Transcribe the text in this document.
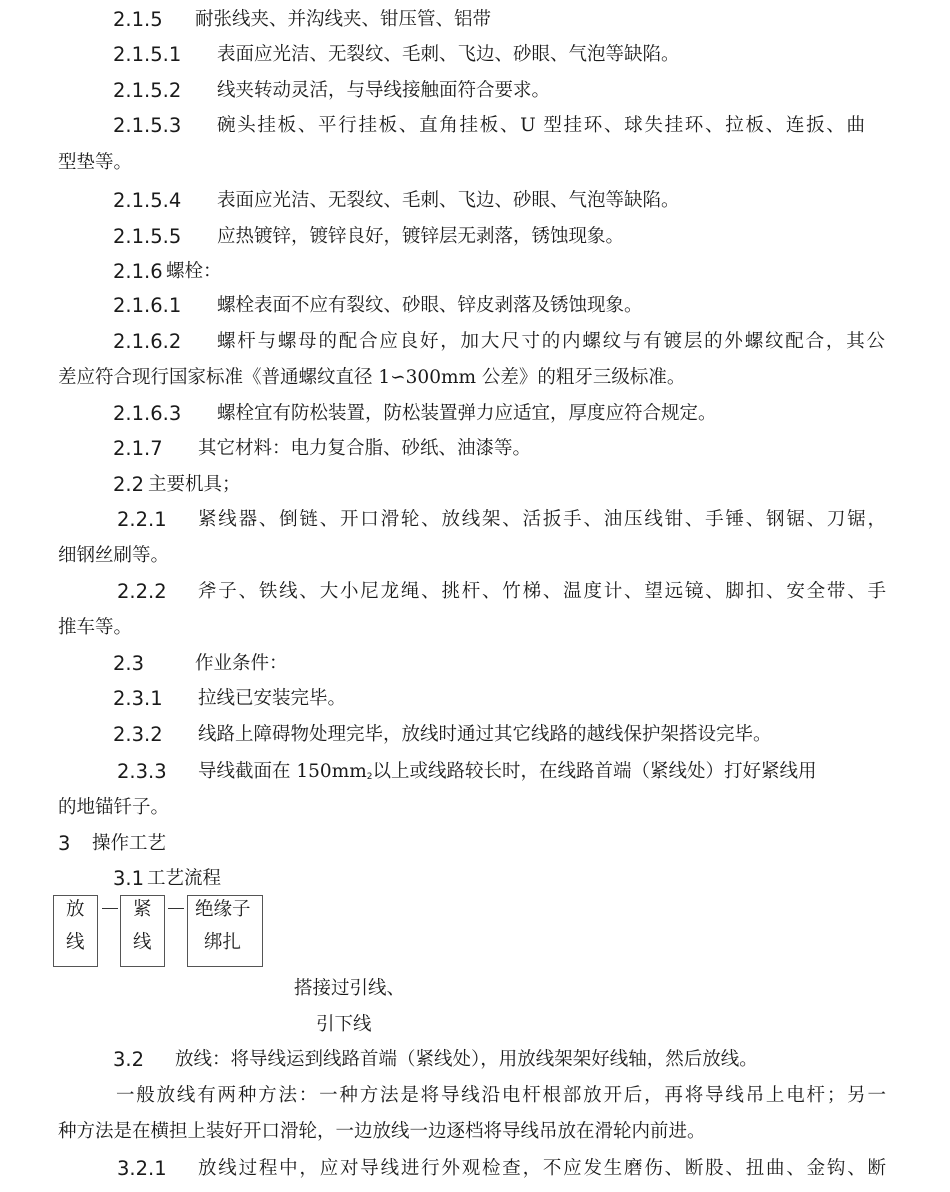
2.1.5 耐张线夹、并沟线夹、钳压管、铝带
2.1.5.1 表面应光洁、无裂纹、毛刺、飞边、砂眼、气泡等缺陷。
2.1.5.2 线夹转动灵活，与导线接触面符合要求。
2.1.5.3 碗头挂板、平行挂板、直角挂板、U 型挂环、球失挂环、拉板、连扳、曲
型垫等。
2.1.5.4 表面应光洁、无裂纹、毛刺、飞边、砂眼、气泡等缺陷。
2.1.5.5 应热镀锌，镀锌良好，镀锌层无剥落，锈蚀现象。
2.1.6 螺栓：
2.1.6.1 螺栓表面不应有裂纹、砂眼、锌皮剥落及锈蚀现象。
2.1.6.2 螺杆与螺母的配合应良好，加大尺寸的内螺纹与有镀层的外螺纹配合，其公
差应符合现行国家标准《普通螺纹直径 1∽300mm 公差》的粗牙三级标准。
2.1.6.3 螺栓宜有防松装置，防松装置弹力应适宜，厚度应符合规定。
2.1.7 其它材料：电力复合脂、砂纸、油漆等。
2.2 主要机具；
2.2.1 紧线器、倒链、开口滑轮、放线架、活扳手、油压线钳、手锤、钢锯、刀锯，
细钢丝刷等。
2.2.2 斧子、铁线、大小尼龙绳、挑杆、竹梯、温度计、望远镜、脚扣、安全带、手
推车等。
2.3	作业条件：
2.3.1 拉线已安装完毕。
2.3.2 线路上障碍物处理完毕，放线时通过其它线路的越线保护架搭设完毕。
2.3.3 导线截面在 $150mm_2$以上或线路较长时，在线路首端（紧线处）打好紧线用
的地锚钎子。
3 操作工艺
3.1 工艺流程
放
线
紧
线
绝缘子
绑扎
搭接过引线、
引下线
3.2 放线：将导线运到线路首端（紧线处），用放线架架好线轴，然后放线。
一般放线有两种方法：一种方法是将导线沿电杆根部放开后，再将导线吊上电杆；另一
种方法是在横担上装好开口滑轮，一边放线一边逐档将导线吊放在滑轮内前进。
3.2.1 放线过程中，应对导线进行外观检查，不应发生磨伤、断股、扭曲、金钩、断
